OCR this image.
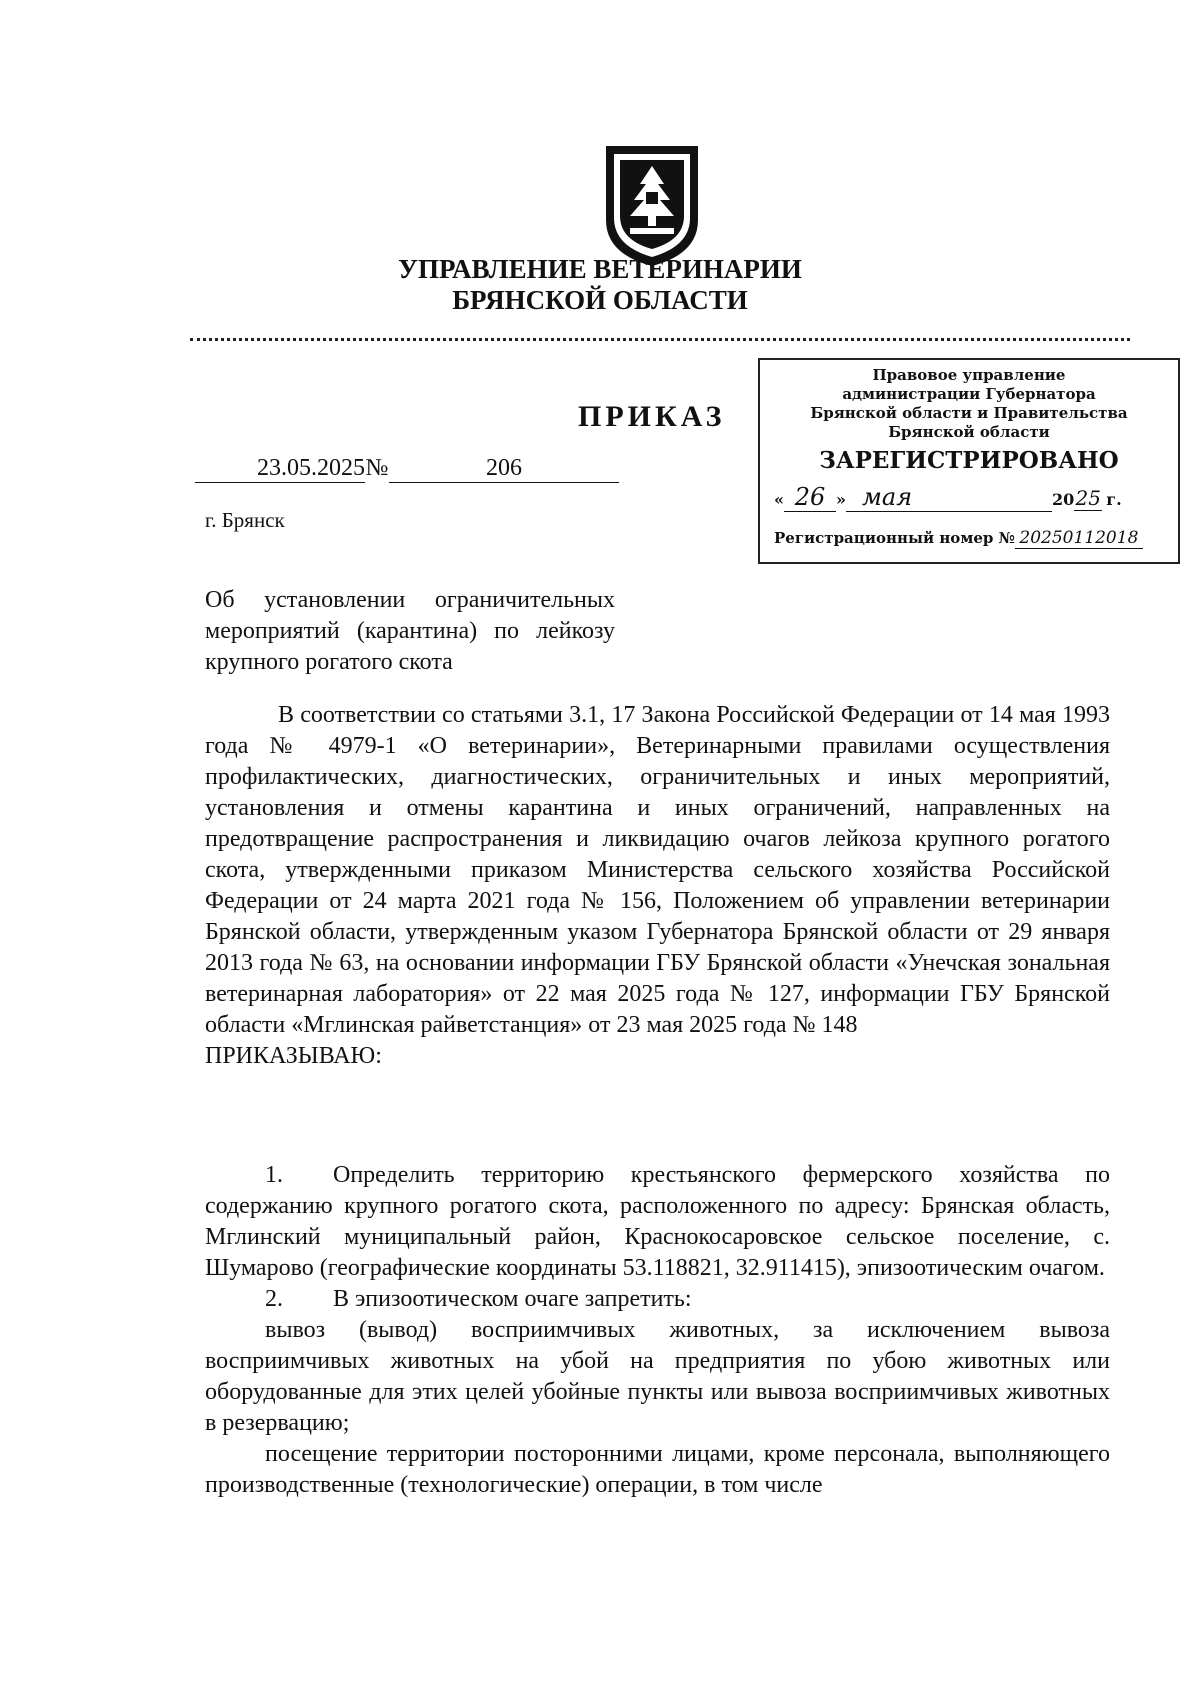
УПРАВЛЕНИЕ ВЕТЕРИНАРИИ
БРЯНСКОЙ ОБЛАСТИ
ПРИКАЗ
23.05.2025№	206
г. Брянск
Правовое управление
администрации Губернатора
Брянской области и Правительства
Брянской области
ЗАРЕГИСТРИРОВАНО
« 26 » мая	2025 г.
Регистрационный номер № 20250112018
Об установлении ограничительных мероприятий (карантина) по лейкозу крупного рогатого скота

В соответствии со статьями 3.1, 17 Закона Российской Федерации от 14 мая 1993 года № 4979-1 «О ветеринарии», Ветеринарными правилами осуществления профилактических, диагностических, ограничительных и иных мероприятий, установления и отмены карантина и иных ограничений, направленных на предотвращение распространения и ликвидацию очагов лейкоза крупного рогатого скота, утвержденными приказом Министерства сельского хозяйства Российской Федерации от 24 марта 2021 года № 156, Положением об управлении ветеринарии Брянской области, утвержденным указом Губернатора Брянской области от 29 января 2013 года № 63, на основании информации ГБУ Брянской области «Унечская зональная ветеринарная лаборатория» от 22 мая 2025 года № 127, информации ГБУ Брянской области «Мглинская райветстанция» от 23 мая 2025 года № 148

ПРИКАЗЫВАЮ:

1. Определить территорию крестьянского фермерского хозяйства по содержанию крупного рогатого скота, расположенного по адресу: Брянская область, Мглинский муниципальный район, Краснокосаровское сельское поселение, с. Шумарово (географические координаты 53.118821, 32.911415), эпизоотическим очагом.

2. В эпизоотическом очаге запретить:

вывоз (вывод) восприимчивых животных, за исключением вывоза восприимчивых животных на убой на предприятия по убою животных или оборудованные для этих целей убойные пункты или вывоза восприимчивых животных в резервацию;

посещение территории посторонними лицами, кроме персонала, выполняющего производственные (технологические) операции, в том числе
